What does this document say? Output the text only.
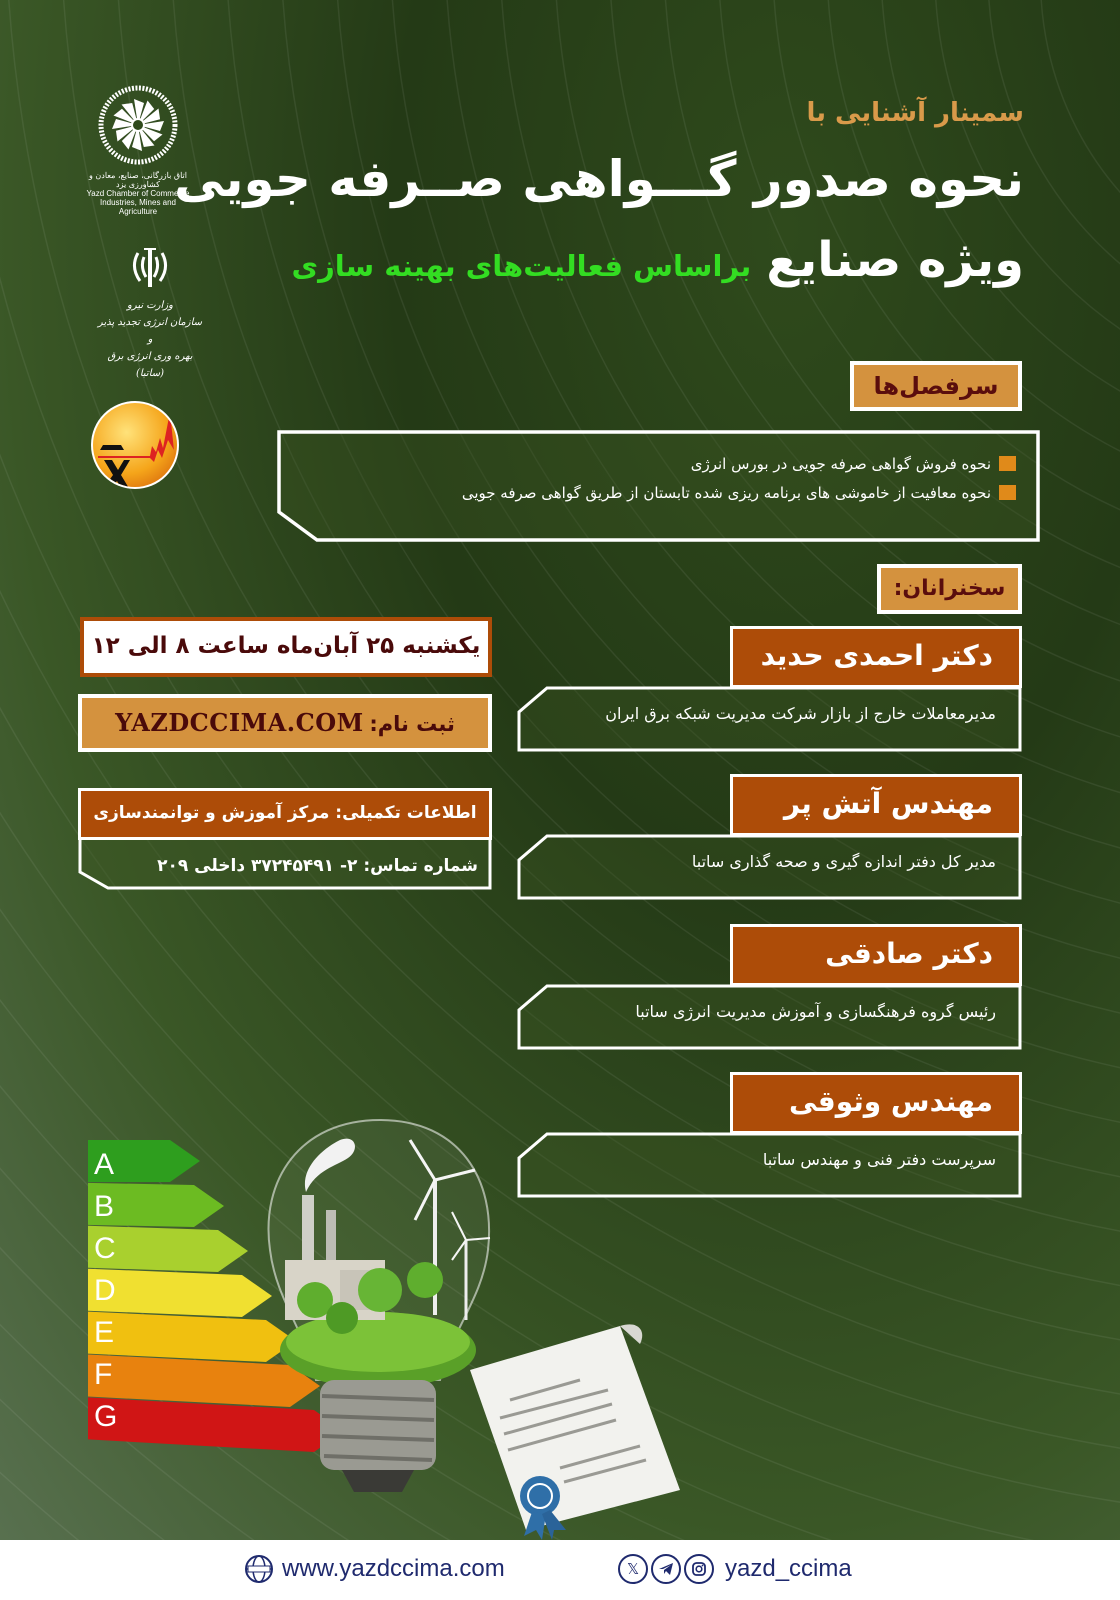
سمینار آشنایی با
نحوه صدور گـــواهی صــرفه جویی
ویژه صنایع براساس فعالیت‌های بهینه سازی
اتاق بازرگانی، صنایع، معادن و کشاورزی یزد
Yazd Chamber of Commerce
Industries, Mines and Agriculture
وزارت نیرو
سازمان انرژی تجدید پذیر و
بهره وری انرژی برق (ساتبا)	سرفصل‌ها
نحوه فروش گواهی صرفه جویی در بورس انرژی
نحوه معافیت از خاموشی های برنامه ریزی شده تابستان از طریق گواهی صرفه جویی
سخنرانان:
دکتر احمدی حدید
مدیرمعاملات خارج از بازار شرکت مدیریت شبکه برق ایران
مهندس آتش پر
مدیر کل دفتر اندازه گیری و صحه گذاری ساتبا
دکتر صادقی
رئیس گروه فرهنگسازی و آموزش مدیریت انرژی ساتبا
مهندس وثوقی
سرپرست دفتر فنی و مهندس ساتبا
یکشنبه ۲۵ آبان‌ماه ساعت ۸ الی ۱۲
ثبت نام: YAZDCCIMA.COM
اطلاعات تکمیلی: مرکز آموزش و توانمندسازی
شماره تماس: ۲- ۳۷۲۴۵۴۹۱ داخلی ۲۰۹
A
B
C
D
E
F
G
www.yazdccima.com	𝕏	yazd_ccima
